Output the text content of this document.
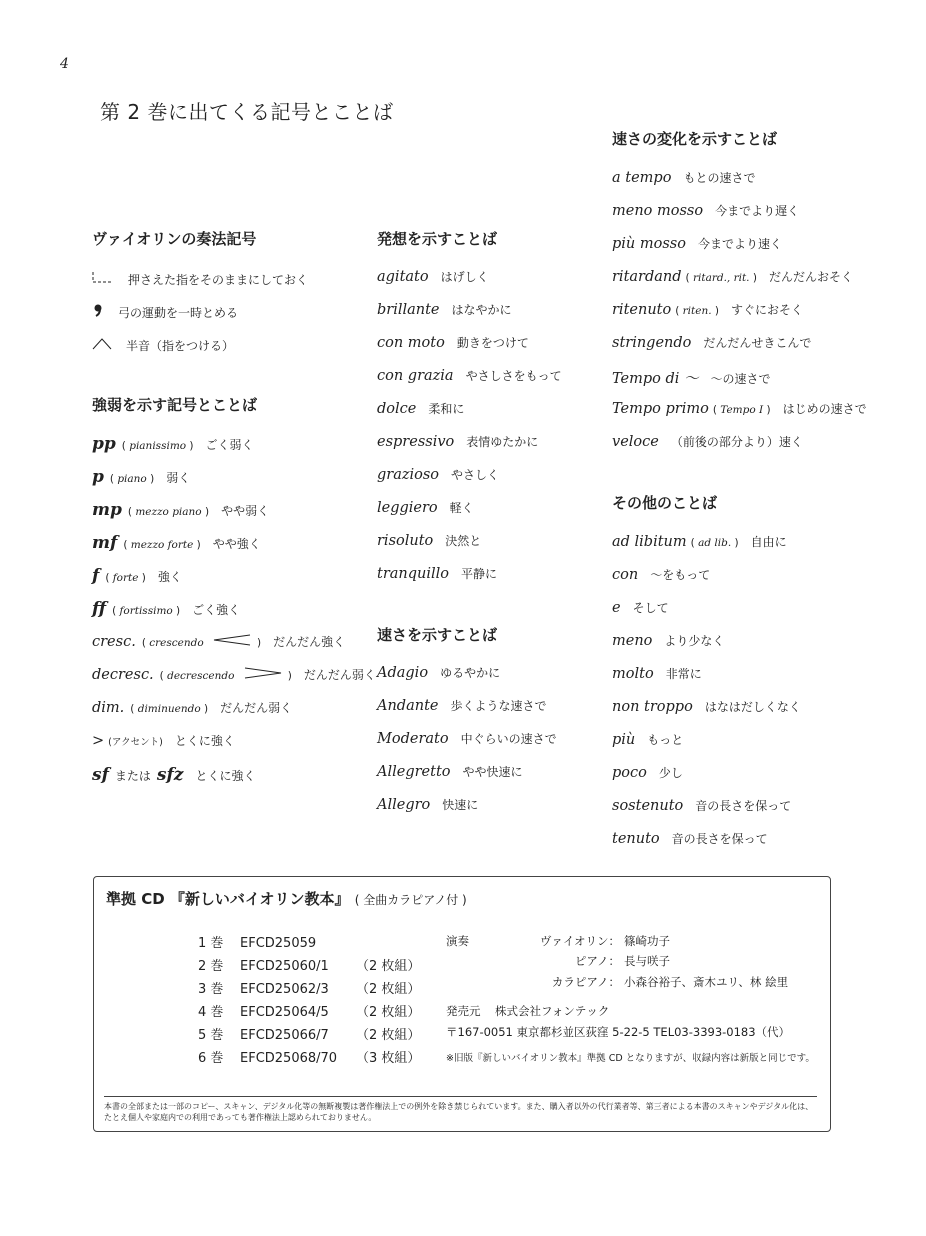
4
第 2 巻に出てくる記号とことば
ヴァイオリンの奏法記号
押さえた指をそのままにしておく
弓の運動を一時とめる
半音（指をつける）
強弱を示す記号とことば
pp ( pianissimo ) ごく弱く
p ( piano ) 弱く
mp ( mezzo piano ) やや弱く
mf ( mezzo forte ) やや強く
f ( forte ) 強く
ff ( fortissimo ) ごく強く
cresc. ( crescendo	) だんだん強く
decresc. ( decrescendo	) だんだん弱く
dim. ( diminuendo ) だんだん弱く
> (アクセント) とくに強く
sf または sfz とくに強く
発想を示すことば
agitato はげしく
brillante はなやかに
con moto 動きをつけて
con grazia やさしさをもって
dolce 柔和に
espressivo 表情ゆたかに
grazioso やさしく
leggiero 軽く
risoluto 決然と
tranquillo 平静に
速さを示すことば
Adagio ゆるやかに
Andante 歩くような速さで
Moderato 中ぐらいの速さで
Allegretto やや快速に
Allegro 快速に
速さの変化を示すことば
a tempo もとの速さで
meno mosso 今までより遅く
più mosso 今までより速く
ritardand ( ritard., rit. ) だんだんおそく
ritenuto ( riten. ) すぐにおそく
stringendo だんだんせきこんで
Tempo di ～ ～の速さで
Tempo primo ( Tempo I ) はじめの速さで
veloce （前後の部分より）速く
その他のことば
ad libitum ( ad lib. ) 自由に
con ～をもって
e そして
meno より少なく
molto 非常に
non troppo はなはだしくなく
più もっと
poco 少し
sostenuto 音の長さを保って
tenuto 音の長さを保って
準拠 CD 『新しいバイオリン教本』 ( 全曲カラピアノ付 )
1 巻 EFCD25059
2 巻 EFCD25060/1 （2 枚組）
3 巻 EFCD25062/3 （2 枚組）
4 巻 EFCD25064/5 （2 枚組）
5 巻 EFCD25066/7 （2 枚組）
6 巻 EFCD25068/70 （3 枚組）
演奏	ヴァイオリン： 篠崎功子
ピアノ： 長与咲子
カラピアノ： 小森谷裕子、斎木ユリ、林 絵里
発売元 株式会社フォンテック
〒167-0051 東京都杉並区荻窪 5-22-5 TEL03-3393-0183（代）
※旧版『新しいバイオリン教本』準拠 CD となりますが、収録内容は新版と同じです。
本書の全部または一部のコピー、スキャン、デジタル化等の無断複製は著作権法上での例外を除き禁じられています。また、購入者以外の代行業者等、第三者による本書のスキャンやデジタル化は、
たとえ個人や家庭内での利用であっても著作権法上認められておりません。
